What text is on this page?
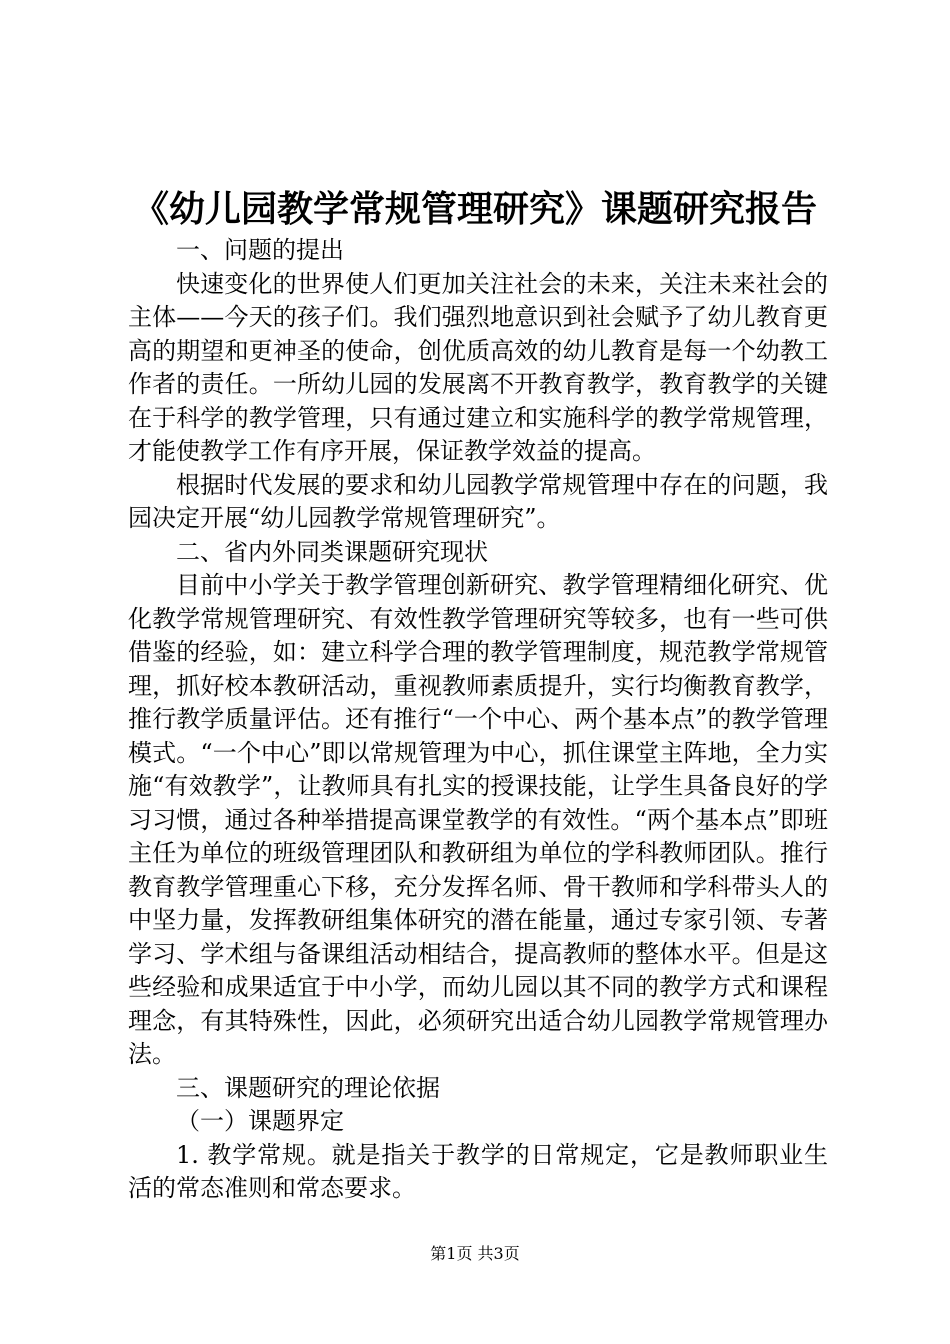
《幼儿园教学常规管理研究》课题研究报告

一、问题的提出

快速变化的世界使人们更加关注社会的未来，关注未来社会的主体——今天的孩子们。我们强烈地意识到社会赋予了幼儿教育更高的期望和更神圣的使命，创优质高效的幼儿教育是每一个幼教工作者的责任。一所幼儿园的发展离不开教育教学，教育教学的关键在于科学的教学管理，只有通过建立和实施科学的教学常规管理，才能使教学工作有序开展，保证教学效益的提高。

根据时代发展的要求和幼儿园教学常规管理中存在的问题，我园决定开展“幼儿园教学常规管理研究”。

二、省内外同类课题研究现状

目前中小学关于教学管理创新研究、教学管理精细化研究、优化教学常规管理研究、有效性教学管理研究等较多，也有一些可供借鉴的经验，如：建立科学合理的教学管理制度，规范教学常规管理，抓好校本教研活动，重视教师素质提升，实行均衡教育教学，推行教学质量评估。还有推行“一个中心、两个基本点”的教学管理模式。“一个中心”即以常规管理为中心，抓住课堂主阵地，全力实施“有效教学”，让教师具有扎实的授课技能，让学生具备良好的学习习惯，通过各种举措提高课堂教学的有效性。“两个基本点”即班主任为单位的班级管理团队和教研组为单位的学科教师团队。推行教育教学管理重心下移，充分发挥名师、骨干教师和学科带头人的中坚力量，发挥教研组集体研究的潜在能量，通过专家引领、专著学习、学术组与备课组活动相结合，提高教师的整体水平。但是这些经验和成果适宜于中小学，而幼儿园以其不同的教学方式和课程理念，有其特殊性，因此，必须研究出适合幼儿园教学常规管理办法。

三、课题研究的理论依据

（一）课题界定

1. 教学常规。就是指关于教学的日常规定，它是教师职业生活的常态准则和常态要求。

第1页 共3页
